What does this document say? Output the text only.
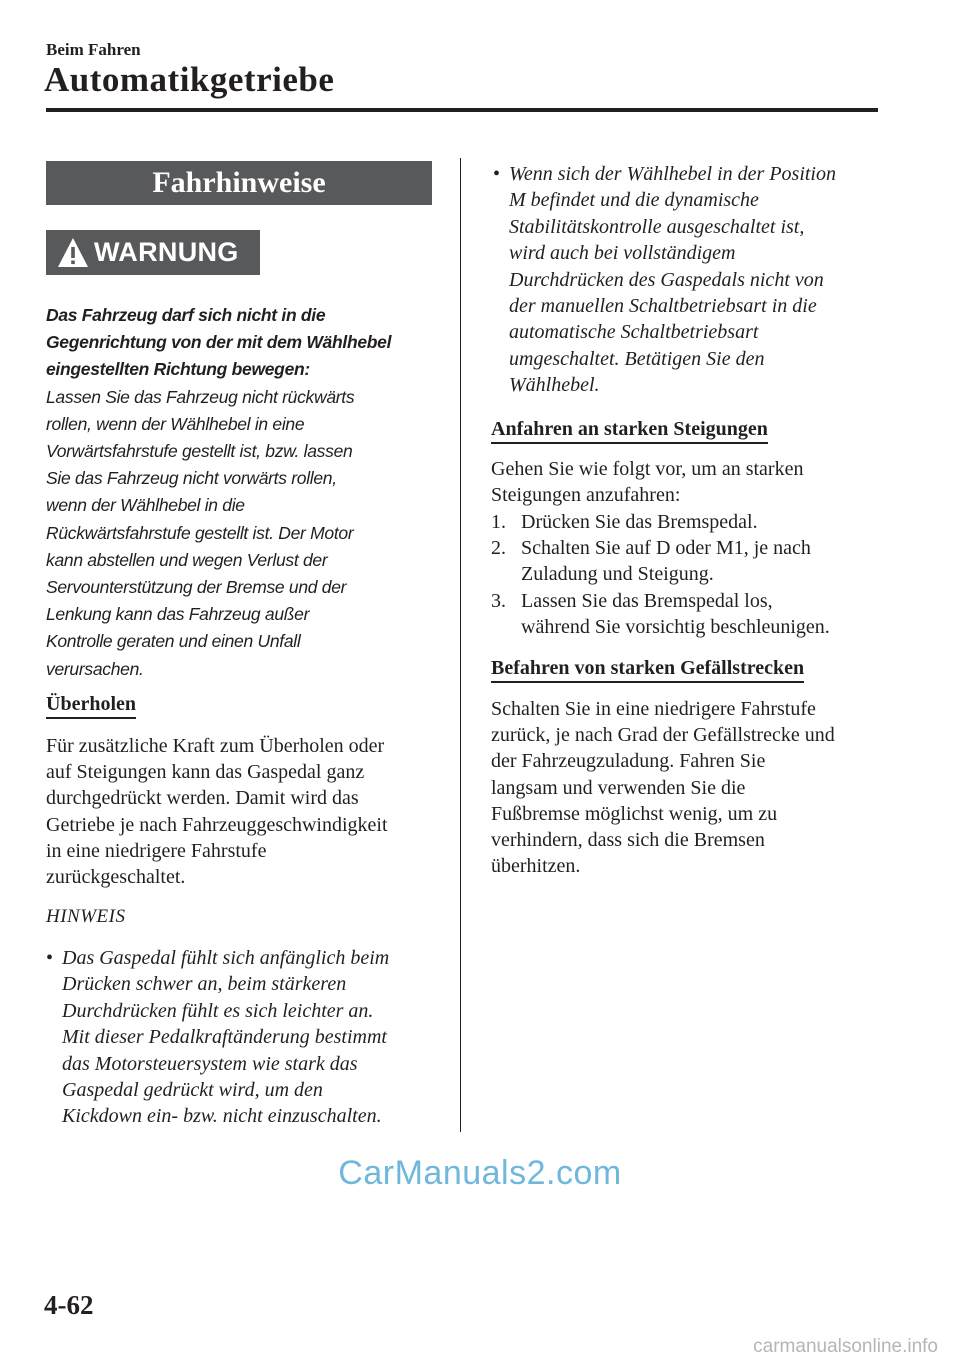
Beim Fahren
Automatikgetriebe
Fahrhinweise
WARNUNG
Das Fahrzeug darf sich nicht in die
Gegenrichtung von der mit dem Wählhebel
eingestellten Richtung bewegen:
Lassen Sie das Fahrzeug nicht rückwärts
rollen, wenn der Wählhebel in eine
Vorwärtsfahrstufe gestellt ist, bzw. lassen
Sie das Fahrzeug nicht vorwärts rollen,
wenn der Wählhebel in die
Rückwärtsfahrstufe gestellt ist. Der Motor
kann abstellen und wegen Verlust der
Servounterstützung der Bremse und der
Lenkung kann das Fahrzeug außer
Kontrolle geraten und einen Unfall
verursachen.
Überholen
Für zusätzliche Kraft zum Überholen oder
auf Steigungen kann das Gaspedal ganz
durchgedrückt werden. Damit wird das
Getriebe je nach Fahrzeuggeschwindigkeit
in eine niedrigere Fahrstufe
zurückgeschaltet.
HINWEIS
• Das Gaspedal fühlt sich anfänglich beim
Drücken schwer an, beim stärkeren
Durchdrücken fühlt es sich leichter an.
Mit dieser Pedalkraftänderung bestimmt
das Motorsteuersystem wie stark das
Gaspedal gedrückt wird, um den
Kickdown ein- bzw. nicht einzuschalten.
• Wenn sich der Wählhebel in der Position
M befindet und die dynamische
Stabilitätskontrolle ausgeschaltet ist,
wird auch bei vollständigem
Durchdrücken des Gaspedals nicht von
der manuellen Schaltbetriebsart in die
automatische Schaltbetriebsart
umgeschaltet. Betätigen Sie den
Wählhebel.
Anfahren an starken Steigungen
Gehen Sie wie folgt vor, um an starken
Steigungen anzufahren:
1. Drücken Sie das Bremspedal.
2. Schalten Sie auf D oder M1, je nach
Zuladung und Steigung.
3. Lassen Sie das Bremspedal los,
während Sie vorsichtig beschleunigen.
Befahren von starken Gefällstrecken
Schalten Sie in eine niedrigere Fahrstufe
zurück, je nach Grad der Gefällstrecke und
der Fahrzeugzuladung. Fahren Sie
langsam und verwenden Sie die
Fußbremse möglichst wenig, um zu
verhindern, dass sich die Bremsen
überhitzen.
CarManuals2.com
4-62
carmanualsonline.info
